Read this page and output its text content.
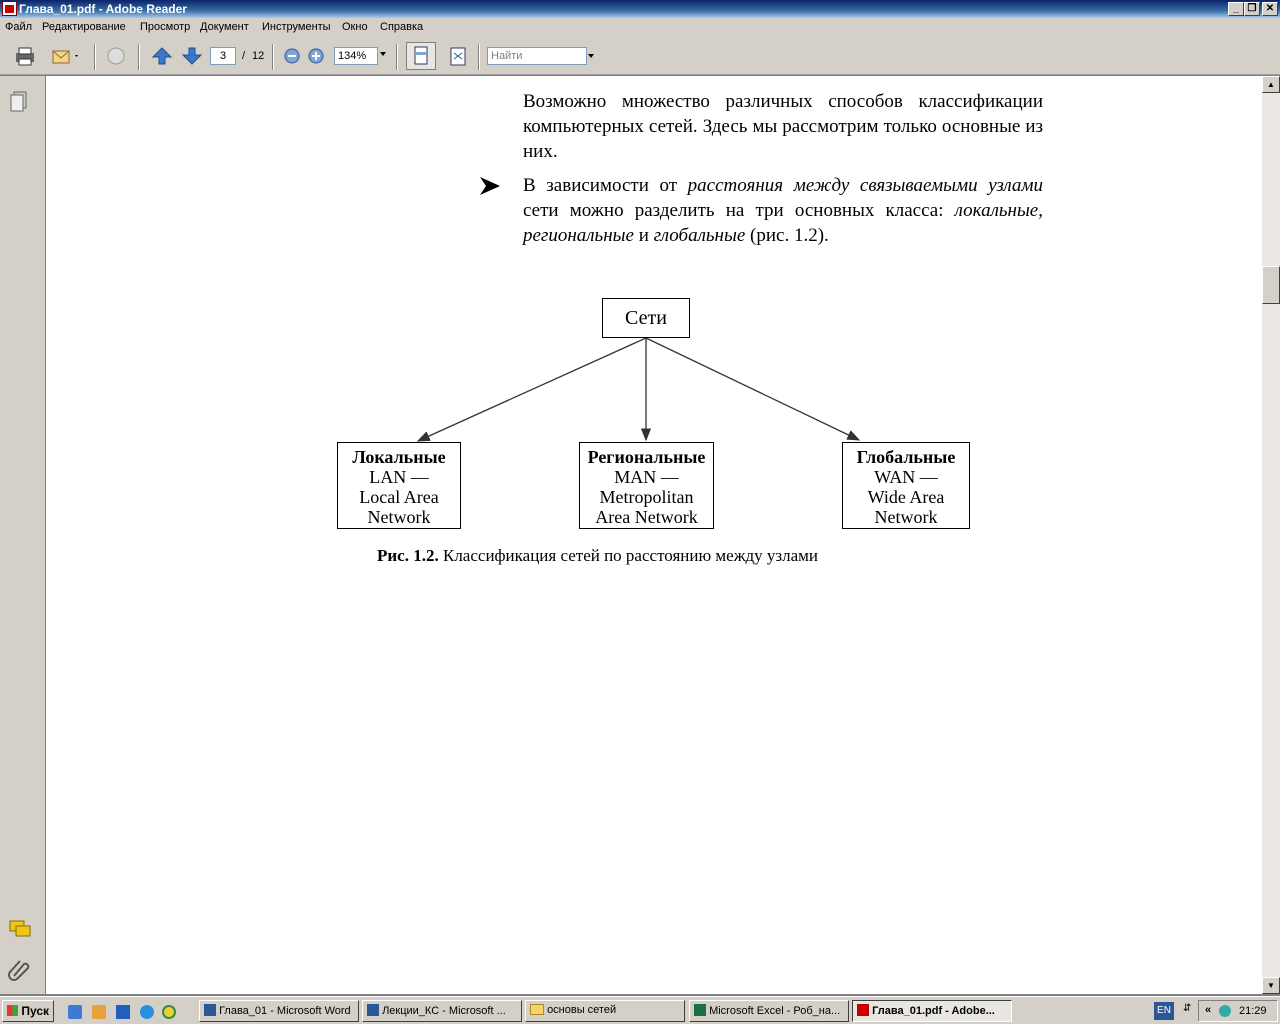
Глава_01.pdf - Adobe Reader	_ ❐ ✕
Файл Редактирование Просмотр Документ Инструменты Окно Справка
3	/ 12	134%	Найти
Возможно множество различных способов классификации компьютерных сетей. Здесь мы рассмотрим только основные из них.
В зависимости от расстояния между связываемыми узлами сети можно разделить на три основных класса: локальные, региональные и глобальные (рис. 1.2).
Сети
Локальные
LAN —
Local Area
Network
Региональные
MAN —
Metropolitan
Area Network
Глобальные
WAN —
Wide Area
Network
Рис. 1.2. Классификация сетей по расстоянию между узлами
▲
▼
Пуск	Глава_01 - Microsoft Word	Лекции_КС - Microsoft ...	основы сетей	Microsoft Excel - Роб_на...	Глава_01.pdf - Adobe...	EN	⇵ «	21:29
